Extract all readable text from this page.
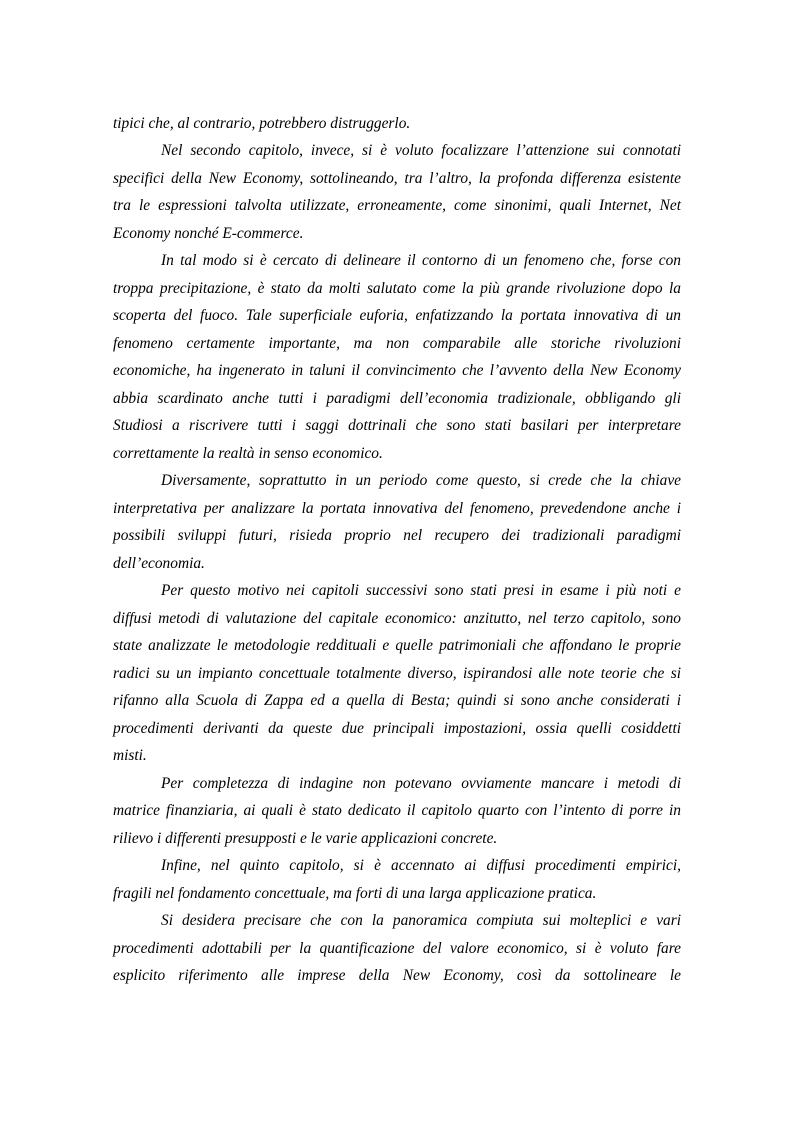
tipici che, al contrario, potrebbero distruggerlo.
Nel secondo capitolo, invece, si è voluto focalizzare l’attenzione sui connotati
specifici della New Economy, sottolineando, tra l’altro, la profonda differenza esistente
tra le espressioni talvolta utilizzate, erroneamente, come sinonimi, quali Internet, Net
Economy nonché E-commerce.
In tal modo si è cercato di delineare il contorno di un fenomeno che, forse con
troppa precipitazione, è stato da molti salutato come la più grande rivoluzione dopo la
scoperta del fuoco. Tale superficiale euforia, enfatizzando la portata innovativa di un
fenomeno certamente importante, ma non comparabile alle storiche rivoluzioni
economiche, ha ingenerato in taluni il convincimento che l’avvento della New Economy
abbia scardinato anche tutti i paradigmi dell’economia tradizionale, obbligando gli
Studiosi a riscrivere tutti i saggi dottrinali che sono stati basilari per interpretare
correttamente la realtà in senso economico.
Diversamente, soprattutto in un periodo come questo, si crede che la chiave
interpretativa per analizzare la portata innovativa del fenomeno, prevedendone anche i
possibili sviluppi futuri, risieda proprio nel recupero dei tradizionali paradigmi
dell’economia.
Per questo motivo nei capitoli successivi sono stati presi in esame i più noti e
diffusi metodi di valutazione del capitale economico: anzitutto, nel terzo capitolo, sono
state analizzate le metodologie reddituali e quelle patrimoniali che affondano le proprie
radici su un impianto concettuale totalmente diverso, ispirandosi alle note teorie che si
rifanno alla Scuola di Zappa ed a quella di Besta; quindi si sono anche considerati i
procedimenti derivanti da queste due principali impostazioni, ossia quelli cosiddetti
misti.
Per completezza di indagine non potevano ovviamente mancare i metodi di
matrice finanziaria, ai quali è stato dedicato il capitolo quarto con l’intento di porre in
rilievo i differenti presupposti e le varie applicazioni concrete.
Infine, nel quinto capitolo, si è accennato ai diffusi procedimenti empirici,
fragili nel fondamento concettuale, ma forti di una larga applicazione pratica.
Si desidera precisare che con la panoramica compiuta sui molteplici e vari
procedimenti adottabili per la quantificazione del valore economico, si è voluto fare
esplicito riferimento alle imprese della New Economy, così da sottolineare le
